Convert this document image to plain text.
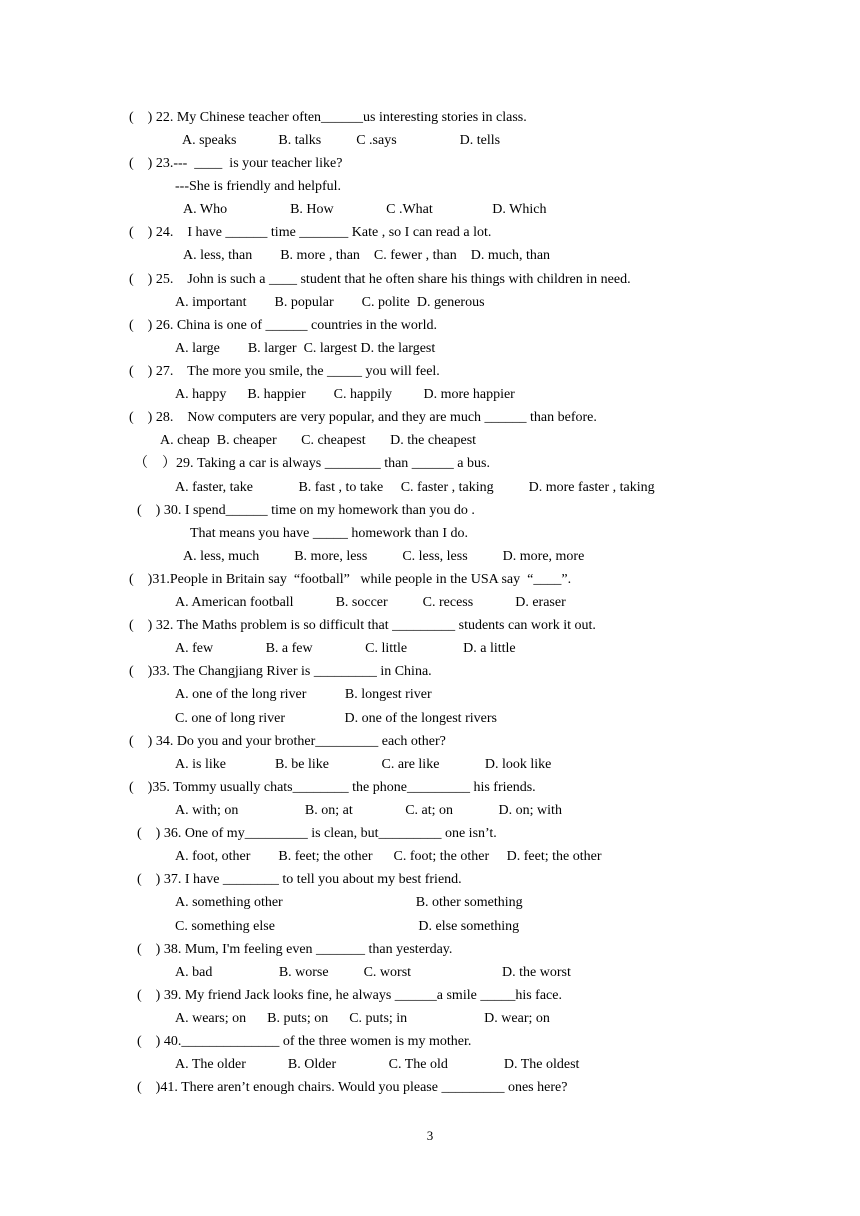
(    ) 22. My Chinese teacher often______us interesting stories in class.
A. speaks            B. talks          C .says                  D. tells
(    ) 23.---  ____  is your teacher like?
---She is friendly and helpful.
A. Who                  B. How               C .What                 D. Which
(    ) 24.    I have ______ time _______ Kate , so I can read a lot.
A. less, than        B. more , than    C. fewer , than    D. much, than
(    ) 25.    John is such a ____ student that he often share his things with children in need.
A. important        B. popular        C. polite  D. generous
(    ) 26. China is one of ______ countries in the world.
A. large        B. larger  C. largest D. the largest
(    ) 27.    The more you smile, the _____ you will feel.
A. happy      B. happier        C. happily         D. more happier
(    ) 28.    Now computers are very popular, and they are much ______ than before.
A. cheap  B. cheaper       C. cheapest       D. the cheapest
（    ）29. Taking a car is always ________ than ______ a bus.
A. faster, take             B. fast , to take     C. faster , taking          D. more faster , taking
(    ) 30. I spend______ time on my homework than you do .
That means you have _____ homework than I do.
A. less, much          B. more, less          C. less, less          D. more, more
(    )31.People in Britain say  “football”   while people in the USA say  “____”.
A. American football            B. soccer          C. recess            D. eraser
(    ) 32. The Maths problem is so difficult that _________ students can work it out.
A. few               B. a few               C. little                D. a little
(    )33. The Changjiang River is _________ in China.
A. one of the long river           B. longest river
C. one of long river                 D. one of the longest rivers
(    ) 34. Do you and your brother_________ each other?
A. is like              B. be like               C. are like             D. look like
(    )35. Tommy usually chats________ the phone_________ his friends.
A. with; on                   B. on; at               C. at; on             D. on; with
(    ) 36. One of my_________ is clean, but_________ one isn’t.
A. foot, other        B. feet; the other      C. foot; the other     D. feet; the other
(    ) 37. I have ________ to tell you about my best friend.
A. something other                                      B. other something
C. something else                                         D. else something
(    ) 38. Mum, I'm feeling even _______ than yesterday.
A. bad                   B. worse          C. worst                          D. the worst
(    ) 39. My friend Jack looks fine, he always ______a smile _____his face.
A. wears; on      B. puts; on      C. puts; in                      D. wear; on
(    ) 40.______________ of the three women is my mother.
A. The older            B. Older               C. The old                D. The oldest
(    )41. There aren’t enough chairs. Would you please _________ ones here?
3
